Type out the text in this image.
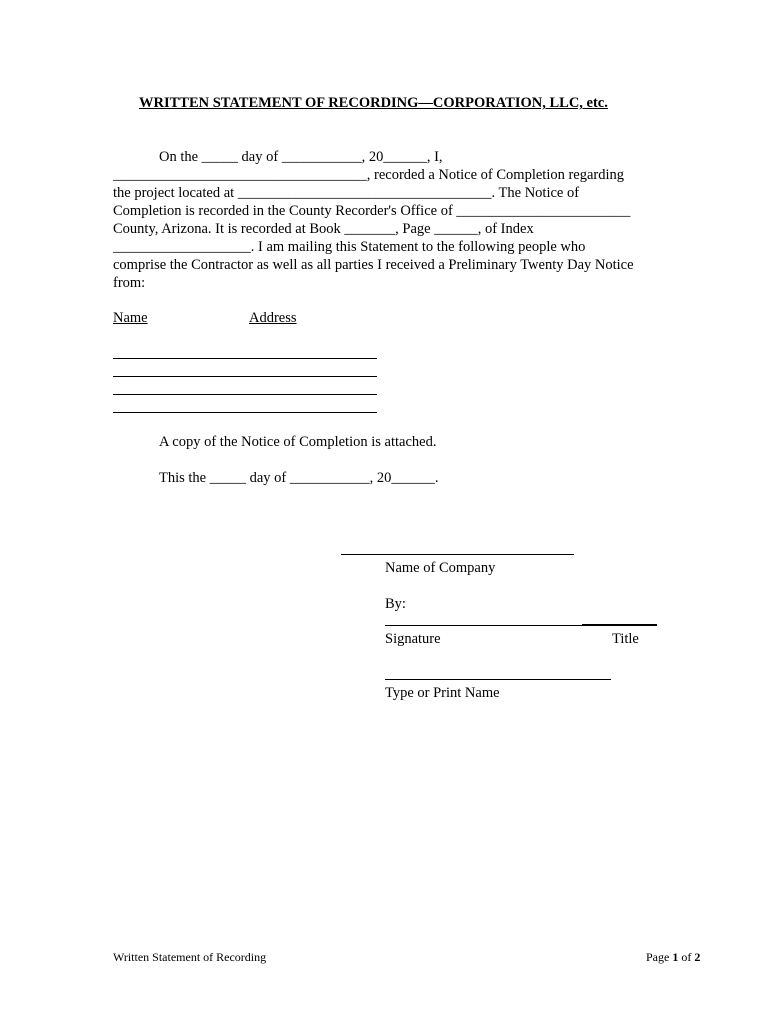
WRITTEN STATEMENT OF RECORDING—CORPORATION, LLC, etc.
On the _____ day of ___________, 20______, I,
___________________________________, recorded a Notice of Completion regarding
the project located at ___________________________________. The Notice of
Completion is recorded in the County Recorder's Office of ________________________
County, Arizona. It is recorded at Book _______, Page ______, of Index
___________________. I am mailing this Statement to the following people who
comprise the Contractor as well as all parties I received a Preliminary Twenty Day Notice
from:
Name	Address
A copy of the Notice of Completion is attached.
This the _____ day of ___________, 20______.
Name of Company
By:
Signature	Title
Type or Print Name
Written Statement of Recording	Page 1 of 2
